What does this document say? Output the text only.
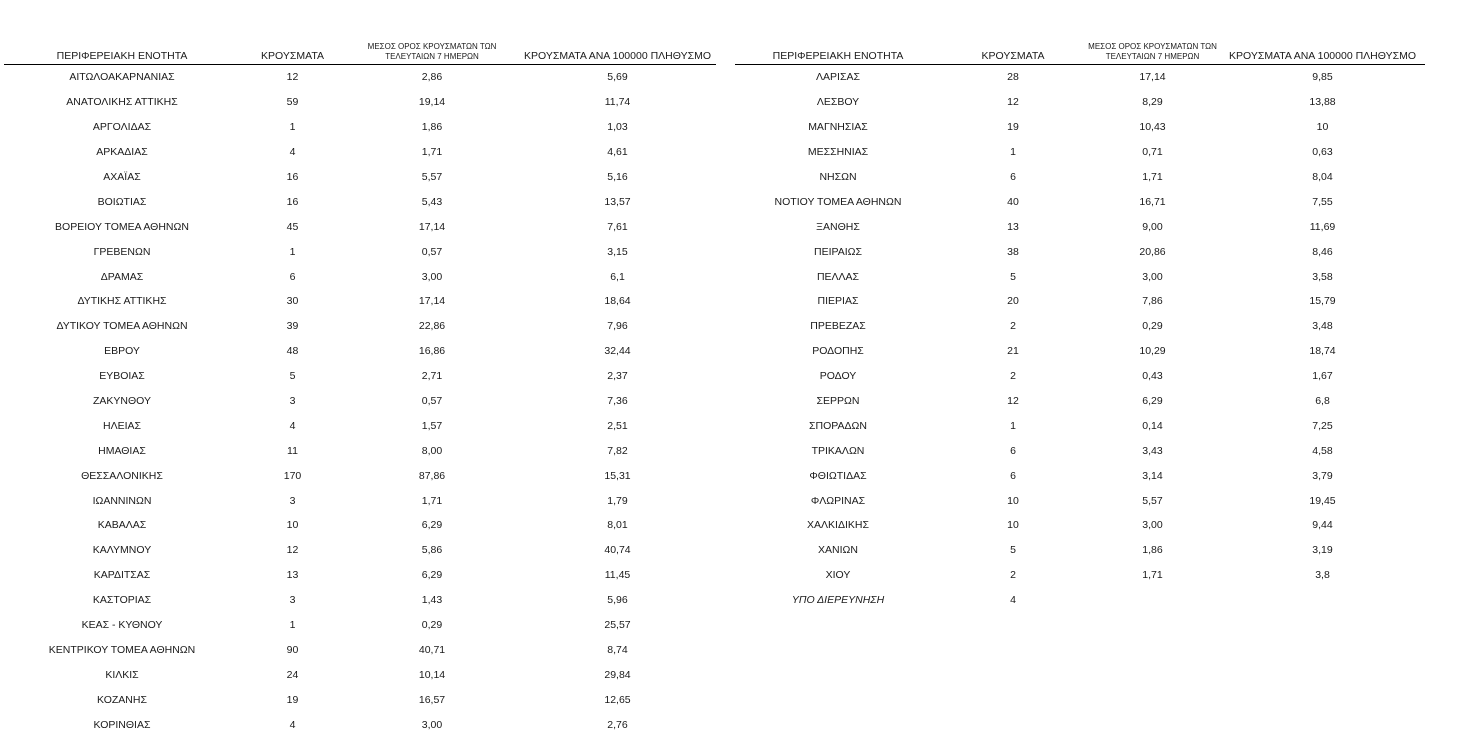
ΠΕΡΙΦΕΡΕΙΑΚΗ ΕΝΟΤΗΤΑ	ΚΡΟΥΣΜΑΤΑ	ΜΕΣΟΣ ΟΡΟΣ ΚΡΟΥΣΜΑΤΩΝ ΤΩΝ
ΤΕΛΕΥΤΑΙΩΝ 7 ΗΜΕΡΩΝ	ΚΡΟΥΣΜΑΤΑ ΑΝΑ 100000 ΠΛΗΘΥΣΜΟ
ΑΙΤΩΛΟΑΚΑΡΝΑΝΙΑΣ	12	2,86	5,69
ΑΝΑΤΟΛΙΚΗΣ ΑΤΤΙΚΗΣ	59	19,14	11,74
ΑΡΓΟΛΙΔΑΣ	1	1,86	1,03
ΑΡΚΑΔΙΑΣ	4	1,71	4,61
ΑΧΑΪΑΣ	16	5,57	5,16
ΒΟΙΩΤΙΑΣ	16	5,43	13,57
ΒΟΡΕΙΟΥ ΤΟΜΕΑ ΑΘΗΝΩΝ	45	17,14	7,61
ΓΡΕΒΕΝΩΝ	1	0,57	3,15
ΔΡΑΜΑΣ	6	3,00	6,1
ΔΥΤΙΚΗΣ ΑΤΤΙΚΗΣ	30	17,14	18,64
ΔΥΤΙΚΟΥ ΤΟΜΕΑ ΑΘΗΝΩΝ	39	22,86	7,96
ΕΒΡΟΥ	48	16,86	32,44
ΕΥΒΟΙΑΣ	5	2,71	2,37
ΖΑΚΥΝΘΟΥ	3	0,57	7,36
ΗΛΕΙΑΣ	4	1,57	2,51
ΗΜΑΘΙΑΣ	11	8,00	7,82
ΘΕΣΣΑΛΟΝΙΚΗΣ	170	87,86	15,31
ΙΩΑΝΝΙΝΩΝ	3	1,71	1,79
ΚΑΒΑΛΑΣ	10	6,29	8,01
ΚΑΛΥΜΝΟΥ	12	5,86	40,74
ΚΑΡΔΙΤΣΑΣ	13	6,29	11,45
ΚΑΣΤΟΡΙΑΣ	3	1,43	5,96
ΚΕΑΣ - ΚΥΘΝΟΥ	1	0,29	25,57
ΚΕΝΤΡΙΚΟΥ ΤΟΜΕΑ ΑΘΗΝΩΝ	90	40,71	8,74
ΚΙΛΚΙΣ	24	10,14	29,84
ΚΟΖΑΝΗΣ	19	16,57	12,65
ΚΟΡΙΝΘΙΑΣ	4	3,00	2,76
ΠΕΡΙΦΕΡΕΙΑΚΗ ΕΝΟΤΗΤΑ	ΚΡΟΥΣΜΑΤΑ	ΜΕΣΟΣ ΟΡΟΣ ΚΡΟΥΣΜΑΤΩΝ ΤΩΝ
ΤΕΛΕΥΤΑΙΩΝ 7 ΗΜΕΡΩΝ	ΚΡΟΥΣΜΑΤΑ ΑΝΑ 100000 ΠΛΗΘΥΣΜΟ
ΛΑΡΙΣΑΣ	28	17,14	9,85
ΛΕΣΒΟΥ	12	8,29	13,88
ΜΑΓΝΗΣΙΑΣ	19	10,43	10
ΜΕΣΣΗΝΙΑΣ	1	0,71	0,63
ΝΗΣΩΝ	6	1,71	8,04
ΝΟΤΙΟΥ ΤΟΜΕΑ ΑΘΗΝΩΝ	40	16,71	7,55
ΞΑΝΘΗΣ	13	9,00	11,69
ΠΕΙΡΑΙΩΣ	38	20,86	8,46
ΠΕΛΛΑΣ	5	3,00	3,58
ΠΙΕΡΙΑΣ	20	7,86	15,79
ΠΡΕΒΕΖΑΣ	2	0,29	3,48
ΡΟΔΟΠΗΣ	21	10,29	18,74
ΡΟΔΟΥ	2	0,43	1,67
ΣΕΡΡΩΝ	12	6,29	6,8
ΣΠΟΡΑΔΩΝ	1	0,14	7,25
ΤΡΙΚΑΛΩΝ	6	3,43	4,58
ΦΘΙΩΤΙΔΑΣ	6	3,14	3,79
ΦΛΩΡΙΝΑΣ	10	5,57	19,45
ΧΑΛΚΙΔΙΚΗΣ	10	3,00	9,44
ΧΑΝΙΩΝ	5	1,86	3,19
ΧΙΟΥ	2	1,71	3,8
ΥΠΟ ΔΙΕΡΕΥΝΗΣΗ	4		
